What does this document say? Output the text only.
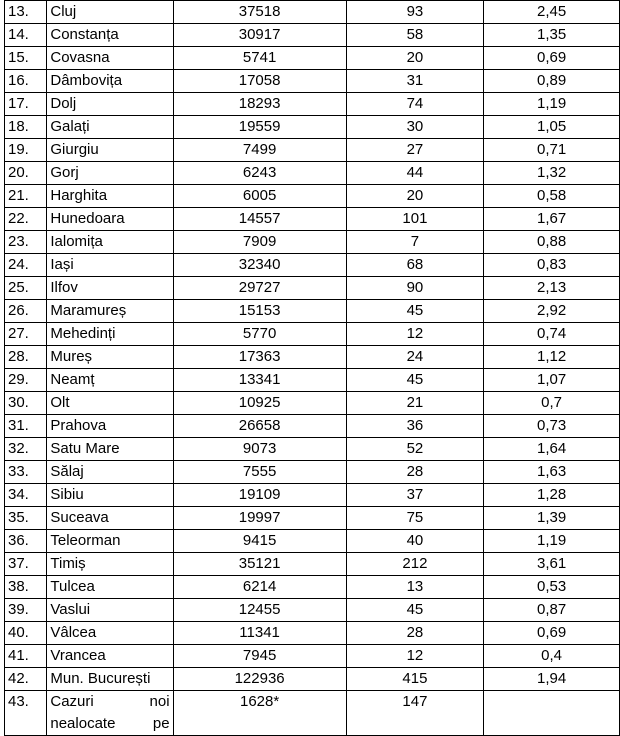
13.	Cluj	37518	93	2,45
14.	Constanța	30917	58	1,35
15.	Covasna	5741	20	0,69
16.	Dâmbovița	17058	31	0,89
17.	Dolj	18293	74	1,19
18.	Galați	19559	30	1,05
19.	Giurgiu	7499	27	0,71
20.	Gorj	6243	44	1,32
21.	Harghita	6005	20	0,58
22.	Hunedoara	14557	101	1,67
23.	Ialomița	7909	7	0,88
24.	Iași	32340	68	0,83
25.	Ilfov	29727	90	2,13
26.	Maramureș	15153	45	2,92
27.	Mehedinți	5770	12	0,74
28.	Mureș	17363	24	1,12
29.	Neamț	13341	45	1,07
30.	Olt	10925	21	0,7
31.	Prahova	26658	36	0,73
32.	Satu Mare	9073	52	1,64
33.	Sălaj	7555	28	1,63
34.	Sibiu	19109	37	1,28
35.	Suceava	19997	75	1,39
36.	Teleorman	9415	40	1,19
37.	Timiș	35121	212	3,61
38.	Tulcea	6214	13	0,53
39.	Vaslui	12455	45	0,87
40.	Vâlcea	11341	28	0,69
41.	Vrancea	7945	12	0,4
42.	Mun. București	122936	415	1,94
43.	Cazuri noi
nealocate pe	1628*	147	
